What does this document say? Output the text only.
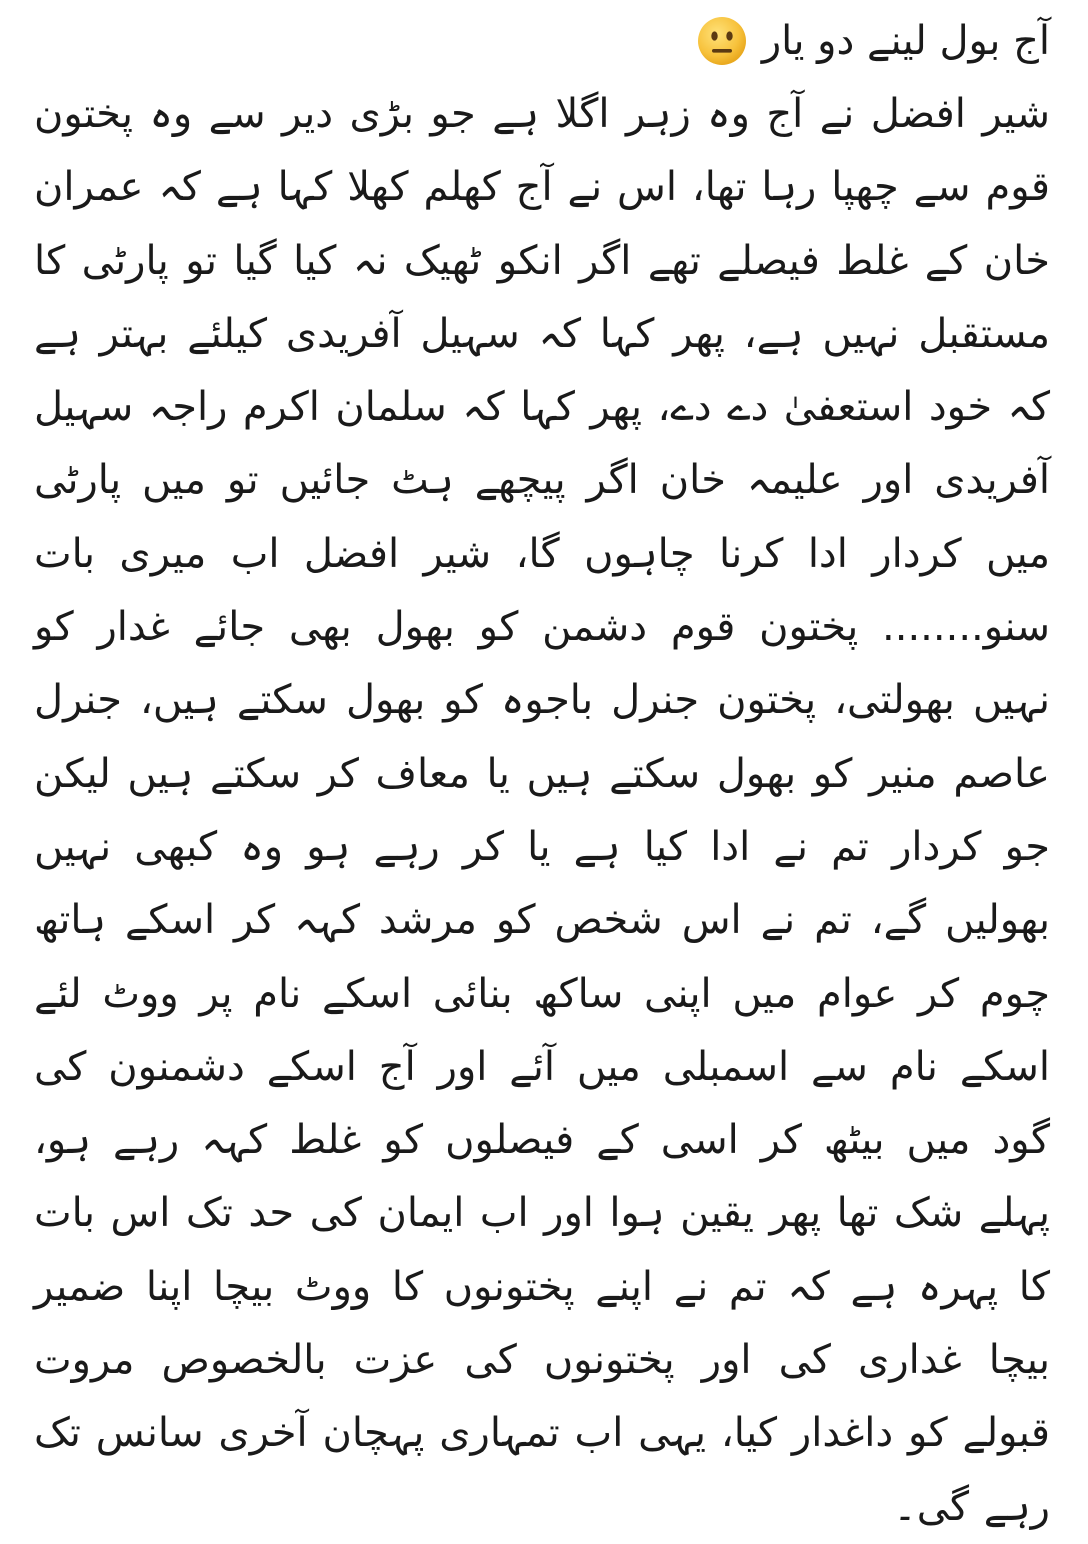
آج بول لینے دو یار

شیر افضل نے آج وہ زہر اگلا ہے جو بڑی دیر سے وہ پختون قوم سے چھپا رہا تھا، اس نے آج کھلم کھلا کہا ہے کہ عمران خان کے غلط فیصلے تھے اگر انکو ٹھیک نہ کیا گیا تو پارٹی کا مستقبل نہیں ہے، پھر کہا کہ سہیل آفریدی کیلئے بہتر ہے کہ خود استعفیٰ دے دے، پھر کہا کہ سلمان اکرم راجہ سہیل آفریدی اور علیمہ خان اگر پیچھے ہٹ جائیں تو میں پارٹی میں کردار ادا کرنا چاہوں گا، شیر افضل اب میری بات سنو........ پختون قوم دشمن کو بھول بھی جائے غدار کو نہیں بھولتی، پختون جنرل باجوہ کو بھول سکتے ہیں، جنرل عاصم منیر کو بھول سکتے ہیں یا معاف کر سکتے ہیں لیکن جو کردار تم نے ادا کیا ہے یا کر رہے ہو وہ کبھی نہیں بھولیں گے، تم نے اس شخص کو مرشد کہہ کر اسکے ہاتھ چوم کر عوام میں اپنی ساکھ بنائی اسکے نام پر ووٹ لئے اسکے نام سے اسمبلی میں آئے اور آج اسکے دشمنون کی گود میں بیٹھ کر اسی کے فیصلوں کو غلط کہہ رہے ہو، پہلے شک تھا پھر یقین ہوا اور اب ایمان کی حد تک اس بات کا پہرہ ہے کہ تم نے اپنے پختونوں کا ووٹ بیچا اپنا ضمیر بیچا غداری کی اور پختونوں کی عزت بالخصوص مروت قبولے کو داغدار کیا، یہی اب تمہاری پہچان آخری سانس تک رہے گی۔
